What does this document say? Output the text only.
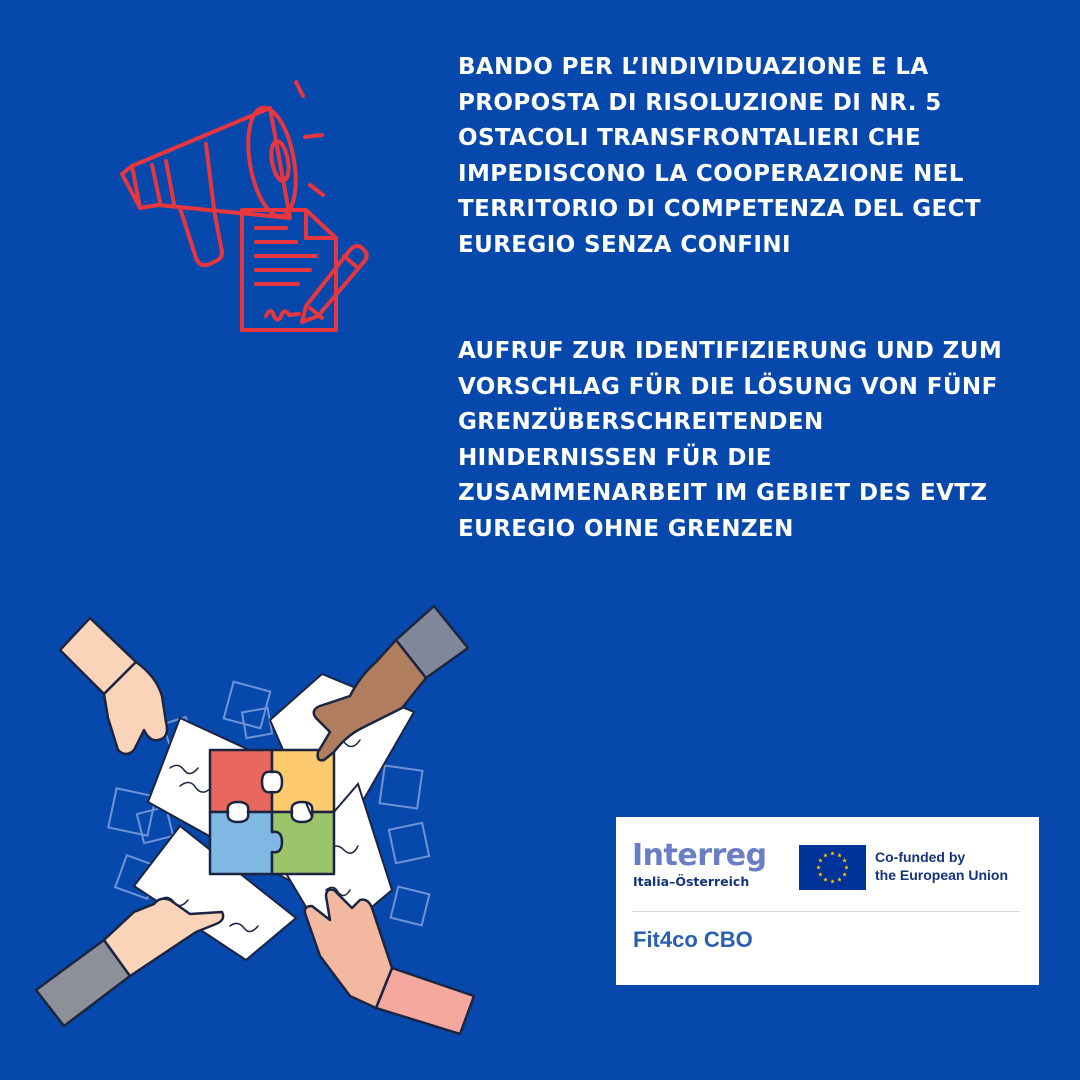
BANDO PER L’INDIVIDUAZIONE E LA
PROPOSTA DI RISOLUZIONE DI NR. 5
OSTACOLI TRANSFRONTALIERI CHE
IMPEDISCONO LA COOPERAZIONE NEL
TERRITORIO DI COMPETENZA DEL GECT
EUREGIO SENZA CONFINI
AUFRUF ZUR IDENTIFIZIERUNG UND ZUM
VORSCHLAG FÜR DIE LÖSUNG VON FÜNF
GRENZÜBERSCHREITENDEN
HINDERNISSEN FÜR DIE
ZUSAMMENARBEIT IM GEBIET DES EVTZ
EUREGIO OHNE GRENZEN

Interreg

Italia–Österreich

Co-funded by
the European Union

Fit4co CBO
